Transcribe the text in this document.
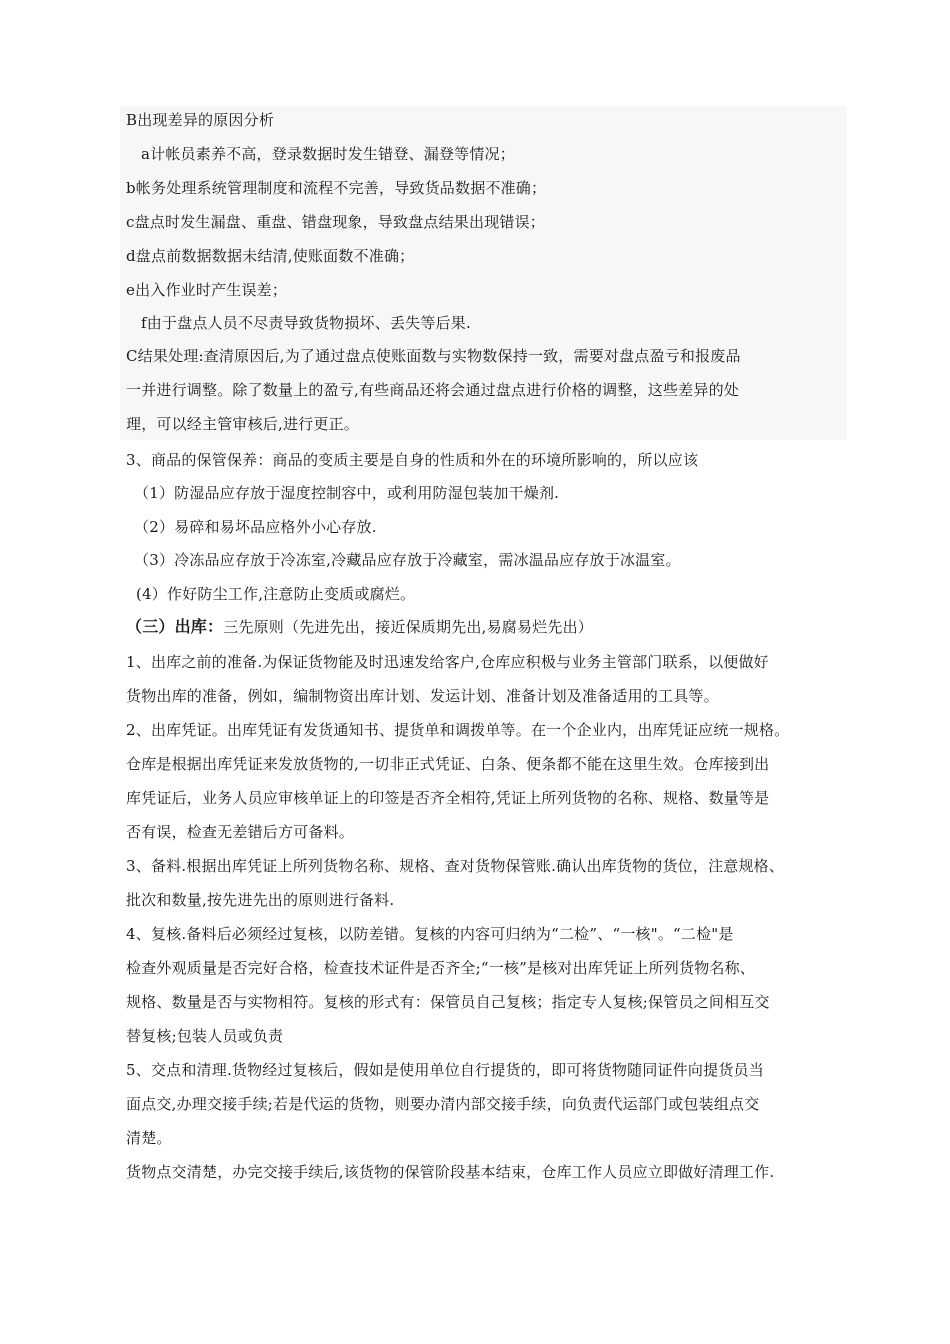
B出现差异的原因分析
a计帐员素养不高，登录数据时发生错登、漏登等情况；
b帐务处理系统管理制度和流程不完善，导致货品数据不准确；
c盘点时发生漏盘、重盘、错盘现象，导致盘点结果出现错误；
d盘点前数据数据未结清,使账面数不准确；
e出入作业时产生误差；
f由于盘点人员不尽责导致货物损坏、丢失等后果.
C结果处理:查清原因后,为了通过盘点使账面数与实物数保持一致，需要对盘点盈亏和报废品
一并进行调整。除了数量上的盈亏,有些商品还将会通过盘点进行价格的调整，这些差异的处
理，可以经主管审核后,进行更正。
3、商品的保管保养：商品的变质主要是自身的性质和外在的环境所影响的，所以应该
（1）防湿品应存放于湿度控制容中，或利用防湿包装加干燥剂.
（2）易碎和易坏品应格外小心存放.
（3）冷冻品应存放于冷冻室,冷藏品应存放于冷藏室，需冰温品应存放于冰温室。
(4）作好防尘工作,注意防止变质或腐烂。
（三）出库：三先原则（先进先出，接近保质期先出,易腐易烂先出）
1、出库之前的准备.为保证货物能及时迅速发给客户,仓库应积极与业务主管部门联系，以便做好
货物出库的准备，例如，编制物资出库计划、发运计划、准备计划及准备适用的工具等。
2、出库凭证。出库凭证有发货通知书、提货单和调拨单等。在一个企业内，出库凭证应统一规格。
仓库是根据出库凭证来发放货物的,一切非正式凭证、白条、便条都不能在这里生效。仓库接到出
库凭证后，业务人员应审核单证上的印签是否齐全相符,凭证上所列货物的名称、规格、数量等是
否有误，检查无差错后方可备料。
3、备料.根据出库凭证上所列货物名称、规格、查对货物保管账.确认出库货物的货位，注意规格、
批次和数量,按先进先出的原则进行备料.
4、复核.备料后必须经过复核，以防差错。复核的内容可归纳为“二检”、“一核"。“二检"是
检查外观质量是否完好合格，检查技术证件是否齐全;“一核”是核对出库凭证上所列货物名称、
规格、数量是否与实物相符。复核的形式有：保管员自己复核；指定专人复核;保管员之间相互交
替复核;包装人员或负责
5、交点和清理.货物经过复核后，假如是使用单位自行提货的，即可将货物随同证件向提货员当
面点交,办理交接手续;若是代运的货物，则要办清内部交接手续，向负责代运部门或包装组点交
清楚。
货物点交清楚，办完交接手续后,该货物的保管阶段基本结束，仓库工作人员应立即做好清理工作.
